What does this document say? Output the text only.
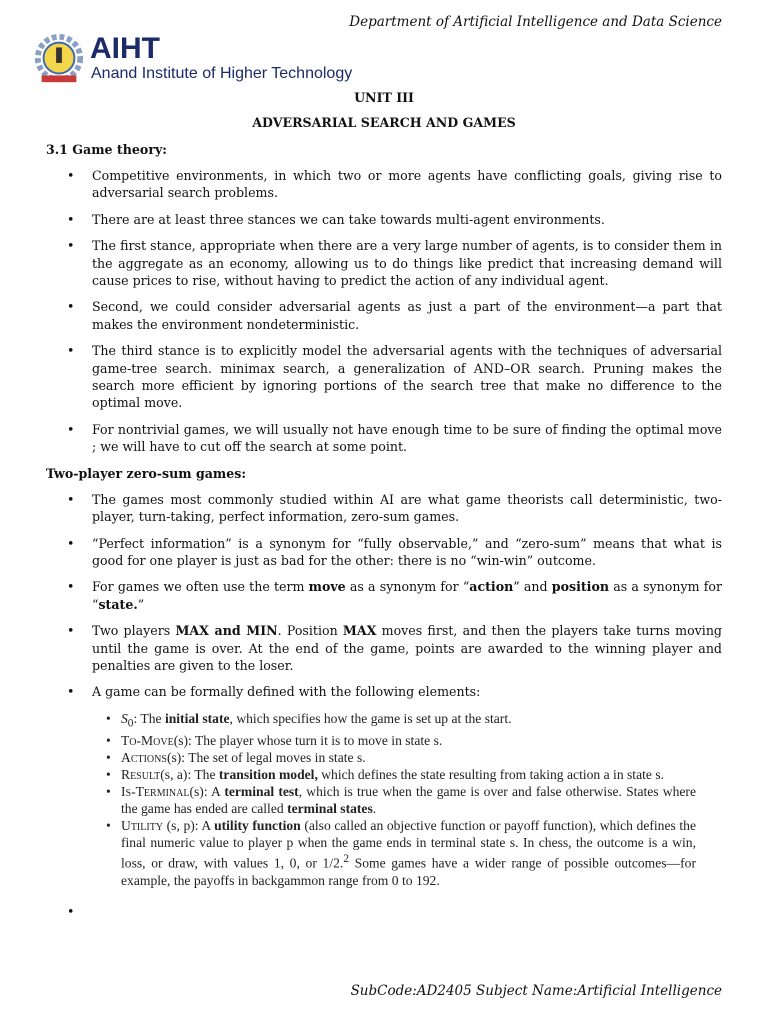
Department of Artificial Intelligence and Data Science
AIHT
Anand Institute of Higher Technology
UNIT III
ADVERSARIAL SEARCH AND GAMES
3.1 Game theory:
• Competitive environments, in which two or more agents have conflicting goals, giving rise to adversarial search problems.
• There are at least three stances we can take towards multi-agent environments.
• The first stance, appropriate when there are a very large number of agents, is to consider them in the aggregate as an economy, allowing us to do things like predict that increasing demand will cause prices to rise, without having to predict the action of any individual agent.
• Second, we could consider adversarial agents as just a part of the environment—a part that makes the environment nondeterministic.
• The third stance is to explicitly model the adversarial agents with the techniques of adversarial game-tree search. minimax search, a generalization of AND–OR search. Pruning makes the search more efficient by ignoring portions of the search tree that make no difference to the optimal move.
• For nontrivial games, we will usually not have enough time to be sure of finding the optimal move ; we will have to cut off the search at some point.
Two-player zero-sum games:
• The games most commonly studied within AI are what game theorists call deterministic, two-player, turn-taking, perfect information, zero-sum games.
• “Perfect information” is a synonym for “fully observable,” and “zero-sum” means that what is good for one player is just as bad for the other: there is no “win-win” outcome.
• For games we often use the term move as a synonym for “action” and position as a synonym for “state.”
• Two players MAX and MIN. Position MAX moves first, and then the players take turns moving until the game is over. At the end of the game, points are awarded to the winning player and penalties are given to the loser.
• A game can be formally defined with the following elements:
• $S_0$: The initial state, which specifies how the game is set up at the start.
• To-Move(s): The player whose turn it is to move in state s.
• Actions(s): The set of legal moves in state s.
• Result(s, a): The transition model, which defines the state resulting from taking action a in state s.
• Is-Terminal(s): A terminal test, which is true when the game is over and false otherwise. States where the game has ended are called terminal states.
• Utility (s, p): A utility function (also called an objective function or payoff function), which defines the final numeric value to player p when the game ends in terminal state s. In chess, the outcome is a win, loss, or draw, with values 1, 0, or 1/2.$^2$ Some games have a wider range of possible outcomes—for example, the payoffs in backgammon range from 0 to 192.
•
SubCode:AD2405 Subject Name:Artificial Intelligence
